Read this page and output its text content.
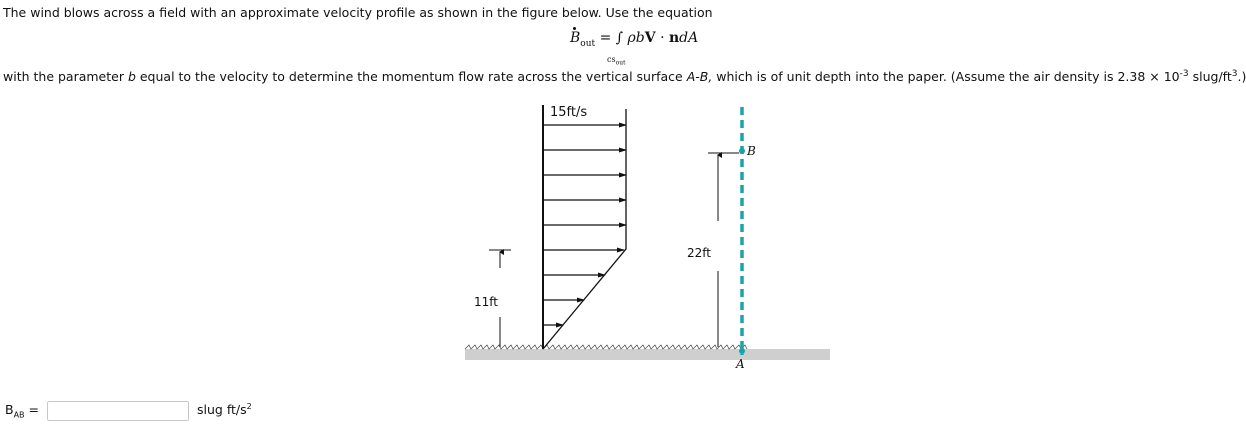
The wind blows across a field with an approximate velocity profile as shown in the figure below. Use the equation
$B_{out}$ = ∫ ρbV · ndA
$cs_{out}$
with the parameter b equal to the velocity to determine the momentum flow rate across the vertical surface A-B, which is of unit depth into the paper. (Assume the air density is $2.38 \times 10^{-3}$ slug/$ft^3$.)
15ft/s
11ft
22ft
B
A
$B_{AB}$ =	slug $ft/s^2$
